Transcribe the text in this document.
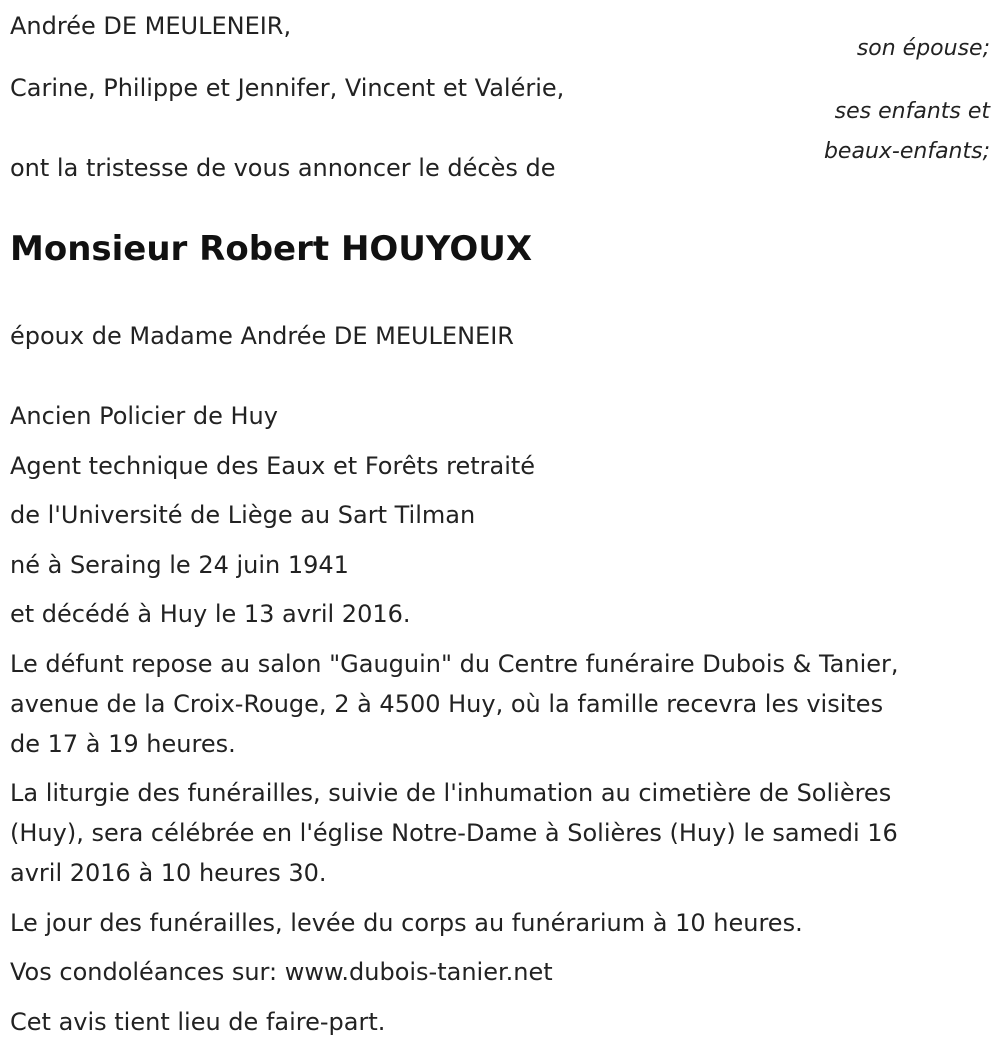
Andrée DE MEULENEIR,
son épouse;
Carine, Philippe et Jennifer, Vincent et Valérie,
ses enfants et
beaux-enfants;
ont la tristesse de vous annoncer le décès de
Monsieur Robert HOUYOUX
époux de Madame Andrée DE MEULENEIR
Ancien Policier de Huy
Agent technique des Eaux et Forêts retraité
de l'Université de Liège au Sart Tilman
né à Seraing le 24 juin 1941
et décédé à Huy le 13 avril 2016.
Le défunt repose au salon "Gauguin" du Centre funéraire Dubois & Tanier,
avenue de la Croix-Rouge, 2 à 4500 Huy, où la famille recevra les visites
de 17 à 19 heures.
La liturgie des funérailles, suivie de l'inhumation au cimetière de Solières
(Huy), sera célébrée en l'église Notre-Dame à Solières (Huy) le samedi 16
avril 2016 à 10 heures 30.
Le jour des funérailles, levée du corps au funérarium à 10 heures.
Vos condoléances sur: www.dubois-tanier.net
Cet avis tient lieu de faire-part.
